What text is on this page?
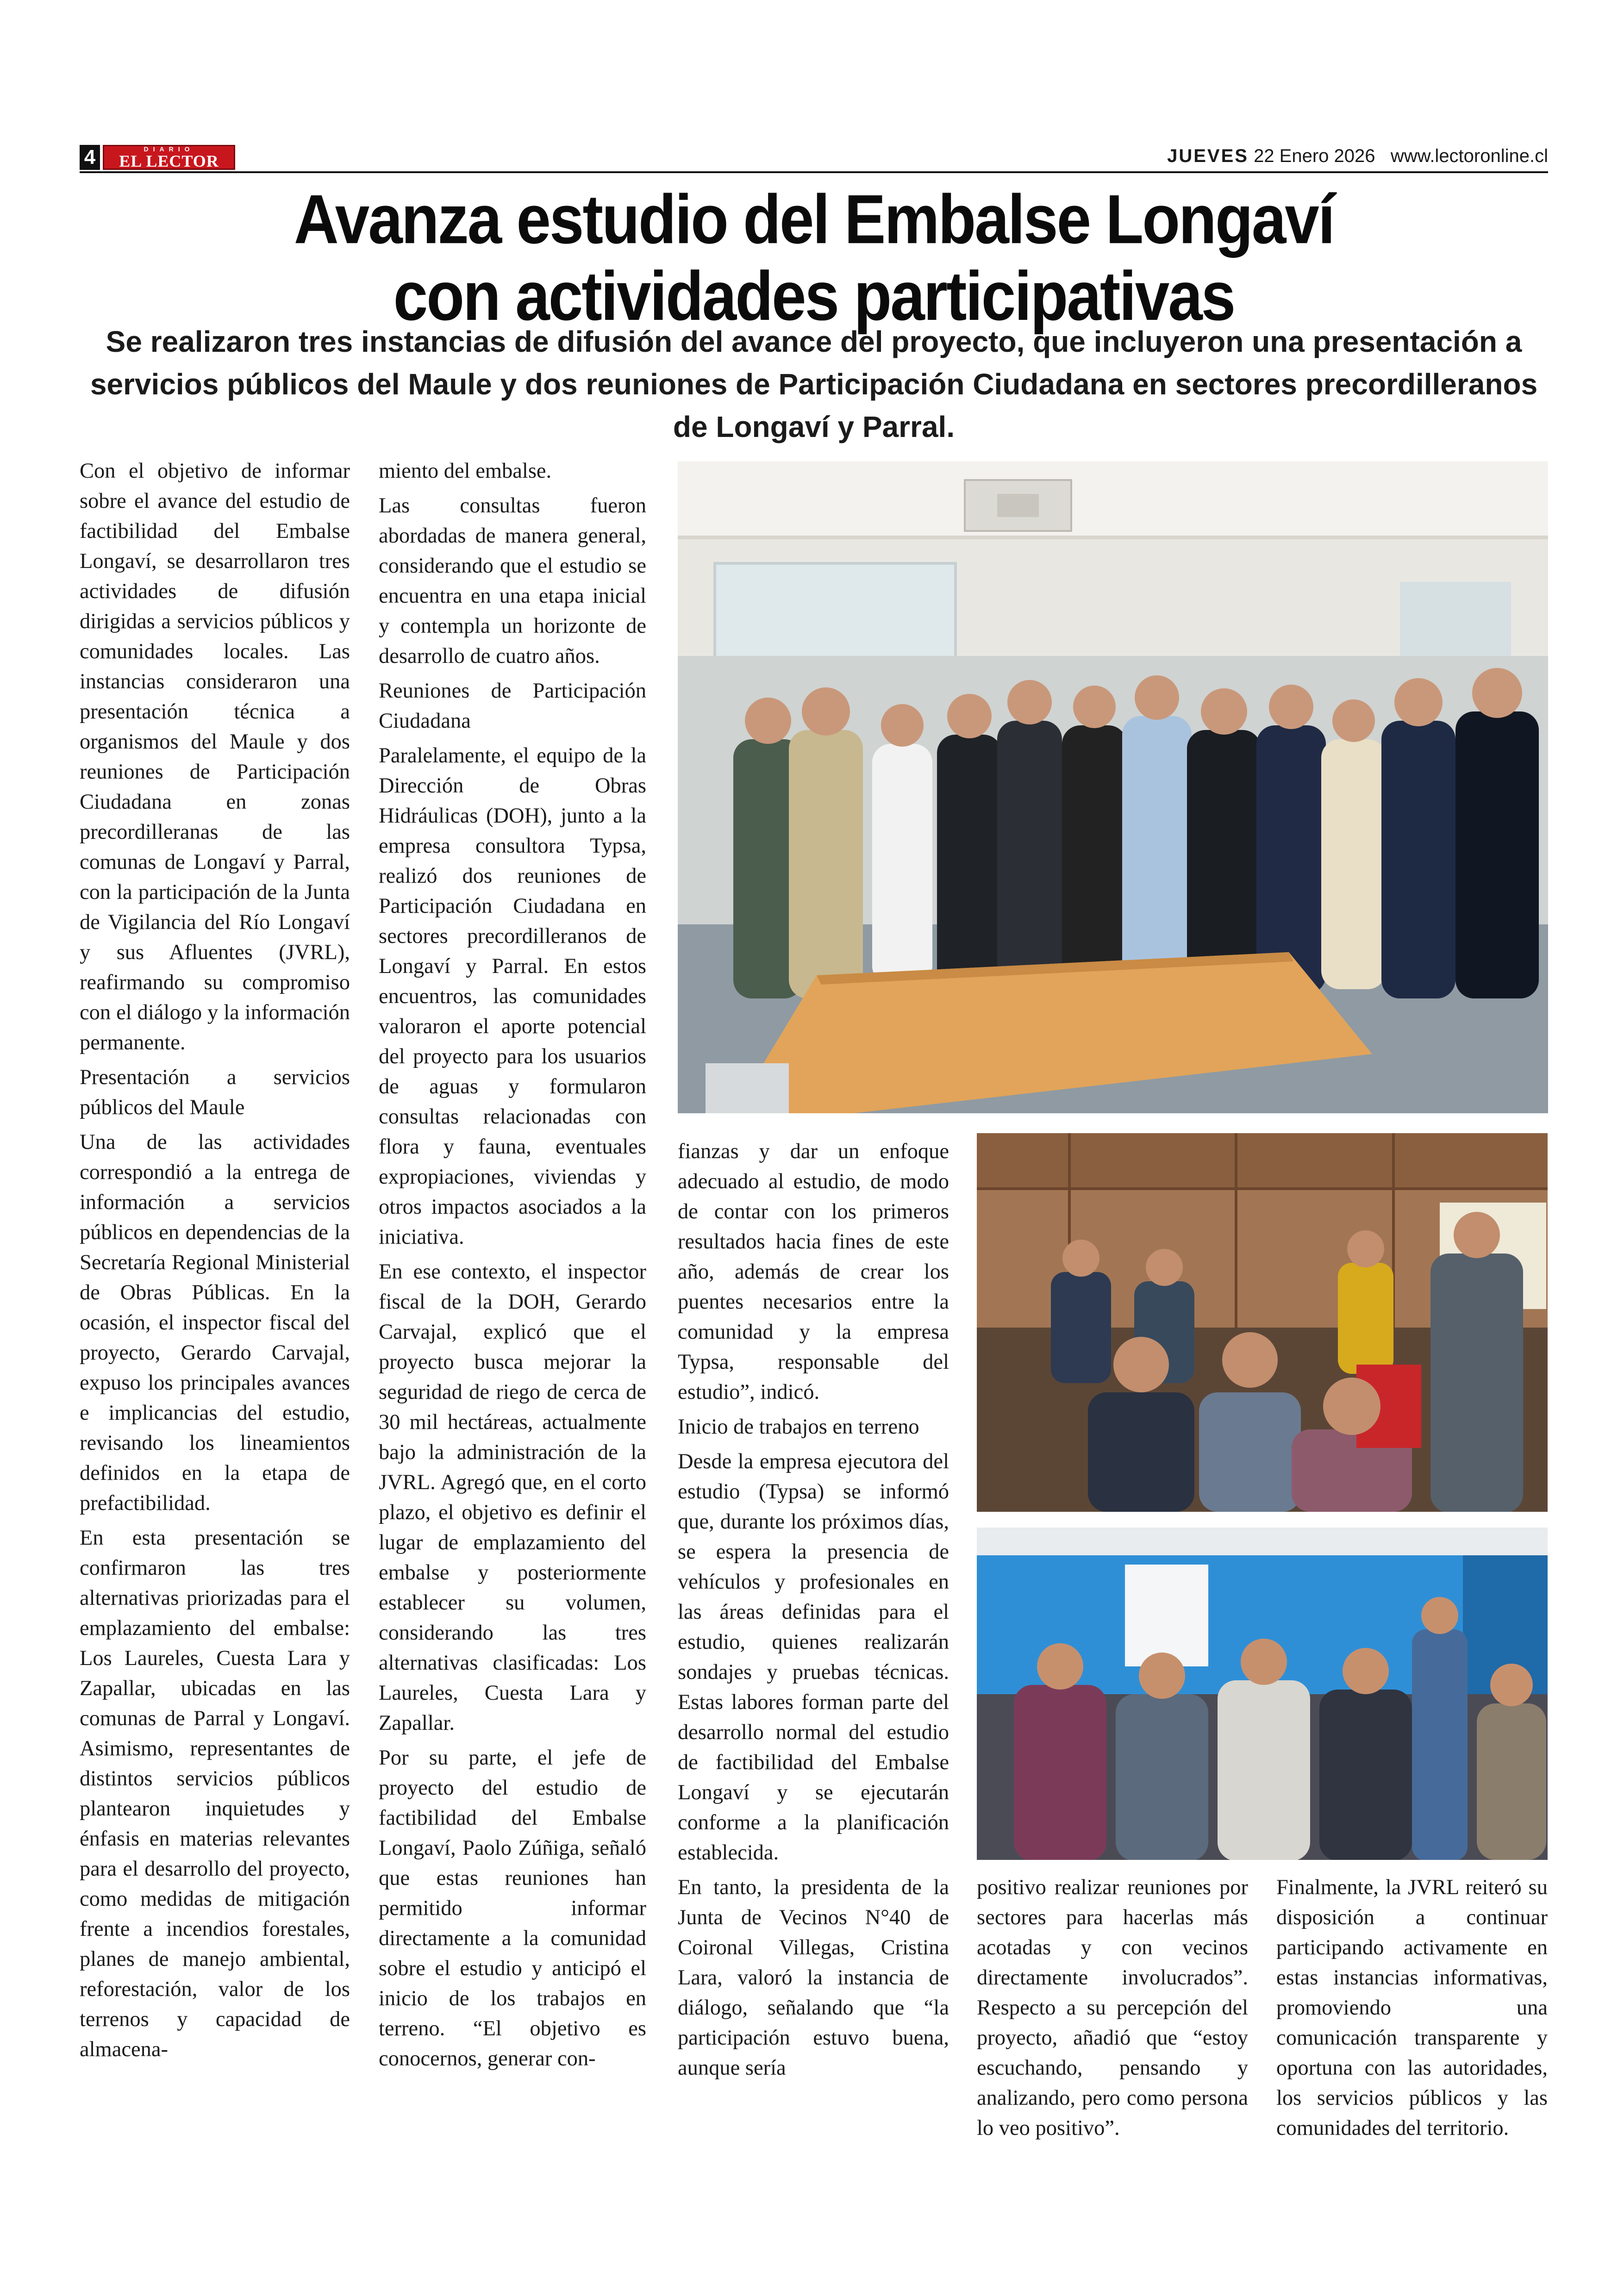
4	DIARIO
EL LECTOR	JUEVES 22 Enero 2026 www.lectoronline.cl
Avanza estudio del Embalse Longaví
con actividades participativas
Se realizaron tres instancias de difusión del avance del proyecto, que incluyeron una presentación a servicios públicos del Maule y dos reuniones de Participación Ciudadana en sectores precordilleranos de Longaví y Parral.

Con el objetivo de informar sobre el avance del estudio de factibilidad del Embalse Longaví, se desarrollaron tres actividades de difusión dirigidas a servicios públicos y comunidades locales. Las instancias consideraron una presentación técnica a organismos del Maule y dos reuniones de Participación Ciudadana en zonas precordilleranas de las comunas de Longaví y Parral, con la participación de la Junta de Vigilancia del Río Longaví y sus Afluentes (JVRL), reafirmando su compromiso con el diálogo y la información permanente.

Presentación a servicios públicos del Maule

Una de las actividades correspondió a la entrega de información a servicios públicos en dependencias de la Secretaría Regional Ministerial de Obras Públicas. En la ocasión, el inspector fiscal del proyecto, Gerardo Carvajal, expuso los principales avances e implicancias del estudio, revisando los lineamientos definidos en la etapa de prefactibilidad.

En esta presentación se confirmaron las tres alternativas priorizadas para el emplazamiento del embalse: Los Laureles, Cuesta Lara y Zapallar, ubicadas en las comunas de Parral y Longaví. Asimismo, representantes de distintos servicios públicos plantearon inquietudes y énfasis en materias relevantes para el desarrollo del proyecto, como medidas de mitigación frente a incendios forestales, planes de manejo ambiental, reforestación, valor de los terrenos y capacidad de almacena-

miento del embalse.

Las consultas fueron abordadas de manera general, considerando que el estudio se encuentra en una etapa inicial y contempla un horizonte de desarrollo de cuatro años.

Reuniones de Participación Ciudadana

Paralelamente, el equipo de la Dirección de Obras Hidráulicas (DOH), junto a la empresa consultora Typsa, realizó dos reuniones de Participación Ciudadana en sectores precordilleranos de Longaví y Parral. En estos encuentros, las comunidades valoraron el aporte potencial del proyecto para los usuarios de aguas y formularon consultas relacionadas con flora y fauna, eventuales expropiaciones, viviendas y otros impactos asociados a la iniciativa.

En ese contexto, el inspector fiscal de la DOH, Gerardo Carvajal, explicó que el proyecto busca mejorar la seguridad de riego de cerca de 30 mil hectáreas, actualmente bajo la administración de la JVRL. Agregó que, en el corto plazo, el objetivo es definir el lugar de emplazamiento del embalse y posteriormente establecer su volumen, considerando las tres alternativas clasificadas: Los Laureles, Cuesta Lara y Zapallar.

Por su parte, el jefe de proyecto del estudio de factibilidad del Embalse Longaví, Paolo Zúñiga, señaló que estas reuniones han permitido informar directamente a la comunidad sobre el estudio y anticipó el inicio de los trabajos en terreno. “El objetivo es conocernos, generar con-

fianzas y dar un enfoque adecuado al estudio, de modo de contar con los primeros resultados hacia fines de este año, además de crear los puentes necesarios entre la comunidad y la empresa Typsa, responsable del estudio”, indicó.

Inicio de trabajos en terreno

Desde la empresa ejecutora del estudio (Typsa) se informó que, durante los próximos días, se espera la presencia de vehículos y profesionales en las áreas definidas para el estudio, quienes realizarán sondajes y pruebas técnicas. Estas labores forman parte del desarrollo normal del estudio de factibilidad del Embalse Longaví y se ejecutarán conforme a la planificación establecida.

En tanto, la presidenta de la Junta de Vecinos N°40 de Coironal Villegas, Cristina Lara, valoró la instancia de diálogo, señalando que “la participación estuvo buena, aunque sería

positivo realizar reuniones por sectores para hacerlas más acotadas y con vecinos directamente involucrados”. Respecto a su percepción del proyecto, añadió que “estoy escuchando, pensando y analizando, pero como persona lo veo positivo”.

Finalmente, la JVRL reiteró su disposición a continuar participando activamente en estas instancias informativas, promoviendo una comunicación transparente y oportuna con las autoridades, los servicios públicos y las comunidades del territorio.
